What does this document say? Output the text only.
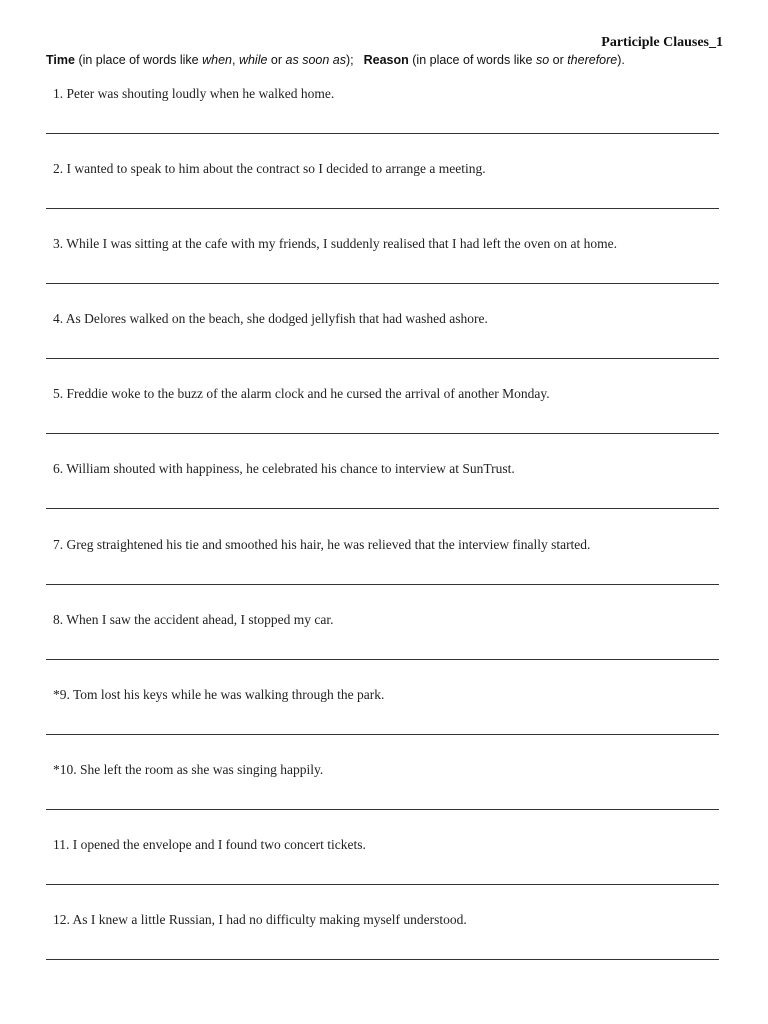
Participle Clauses_1

Time (in place of words like when, while or as soon as); Reason (in place of words like so or therefore).

1. Peter was shouting loudly when he walked home.
2. I wanted to speak to him about the contract so I decided to arrange a meeting.
3. While I was sitting at the cafe with my friends, I suddenly realised that I had left the oven on at home.
4. As Delores walked on the beach, she dodged jellyfish that had washed ashore.
5. Freddie woke to the buzz of the alarm clock and he cursed the arrival of another Monday.
6. William shouted with happiness, he celebrated his chance to interview at SunTrust.
7. Greg straightened his tie and smoothed his hair, he was relieved that the interview finally started.
8. When I saw the accident ahead, I stopped my car.
*9. Tom lost his keys while he was walking through the park.
*10. She left the room as she was singing happily.
11. I opened the envelope and I found two concert tickets.
12. As I knew a little Russian, I had no difficulty making myself understood.
